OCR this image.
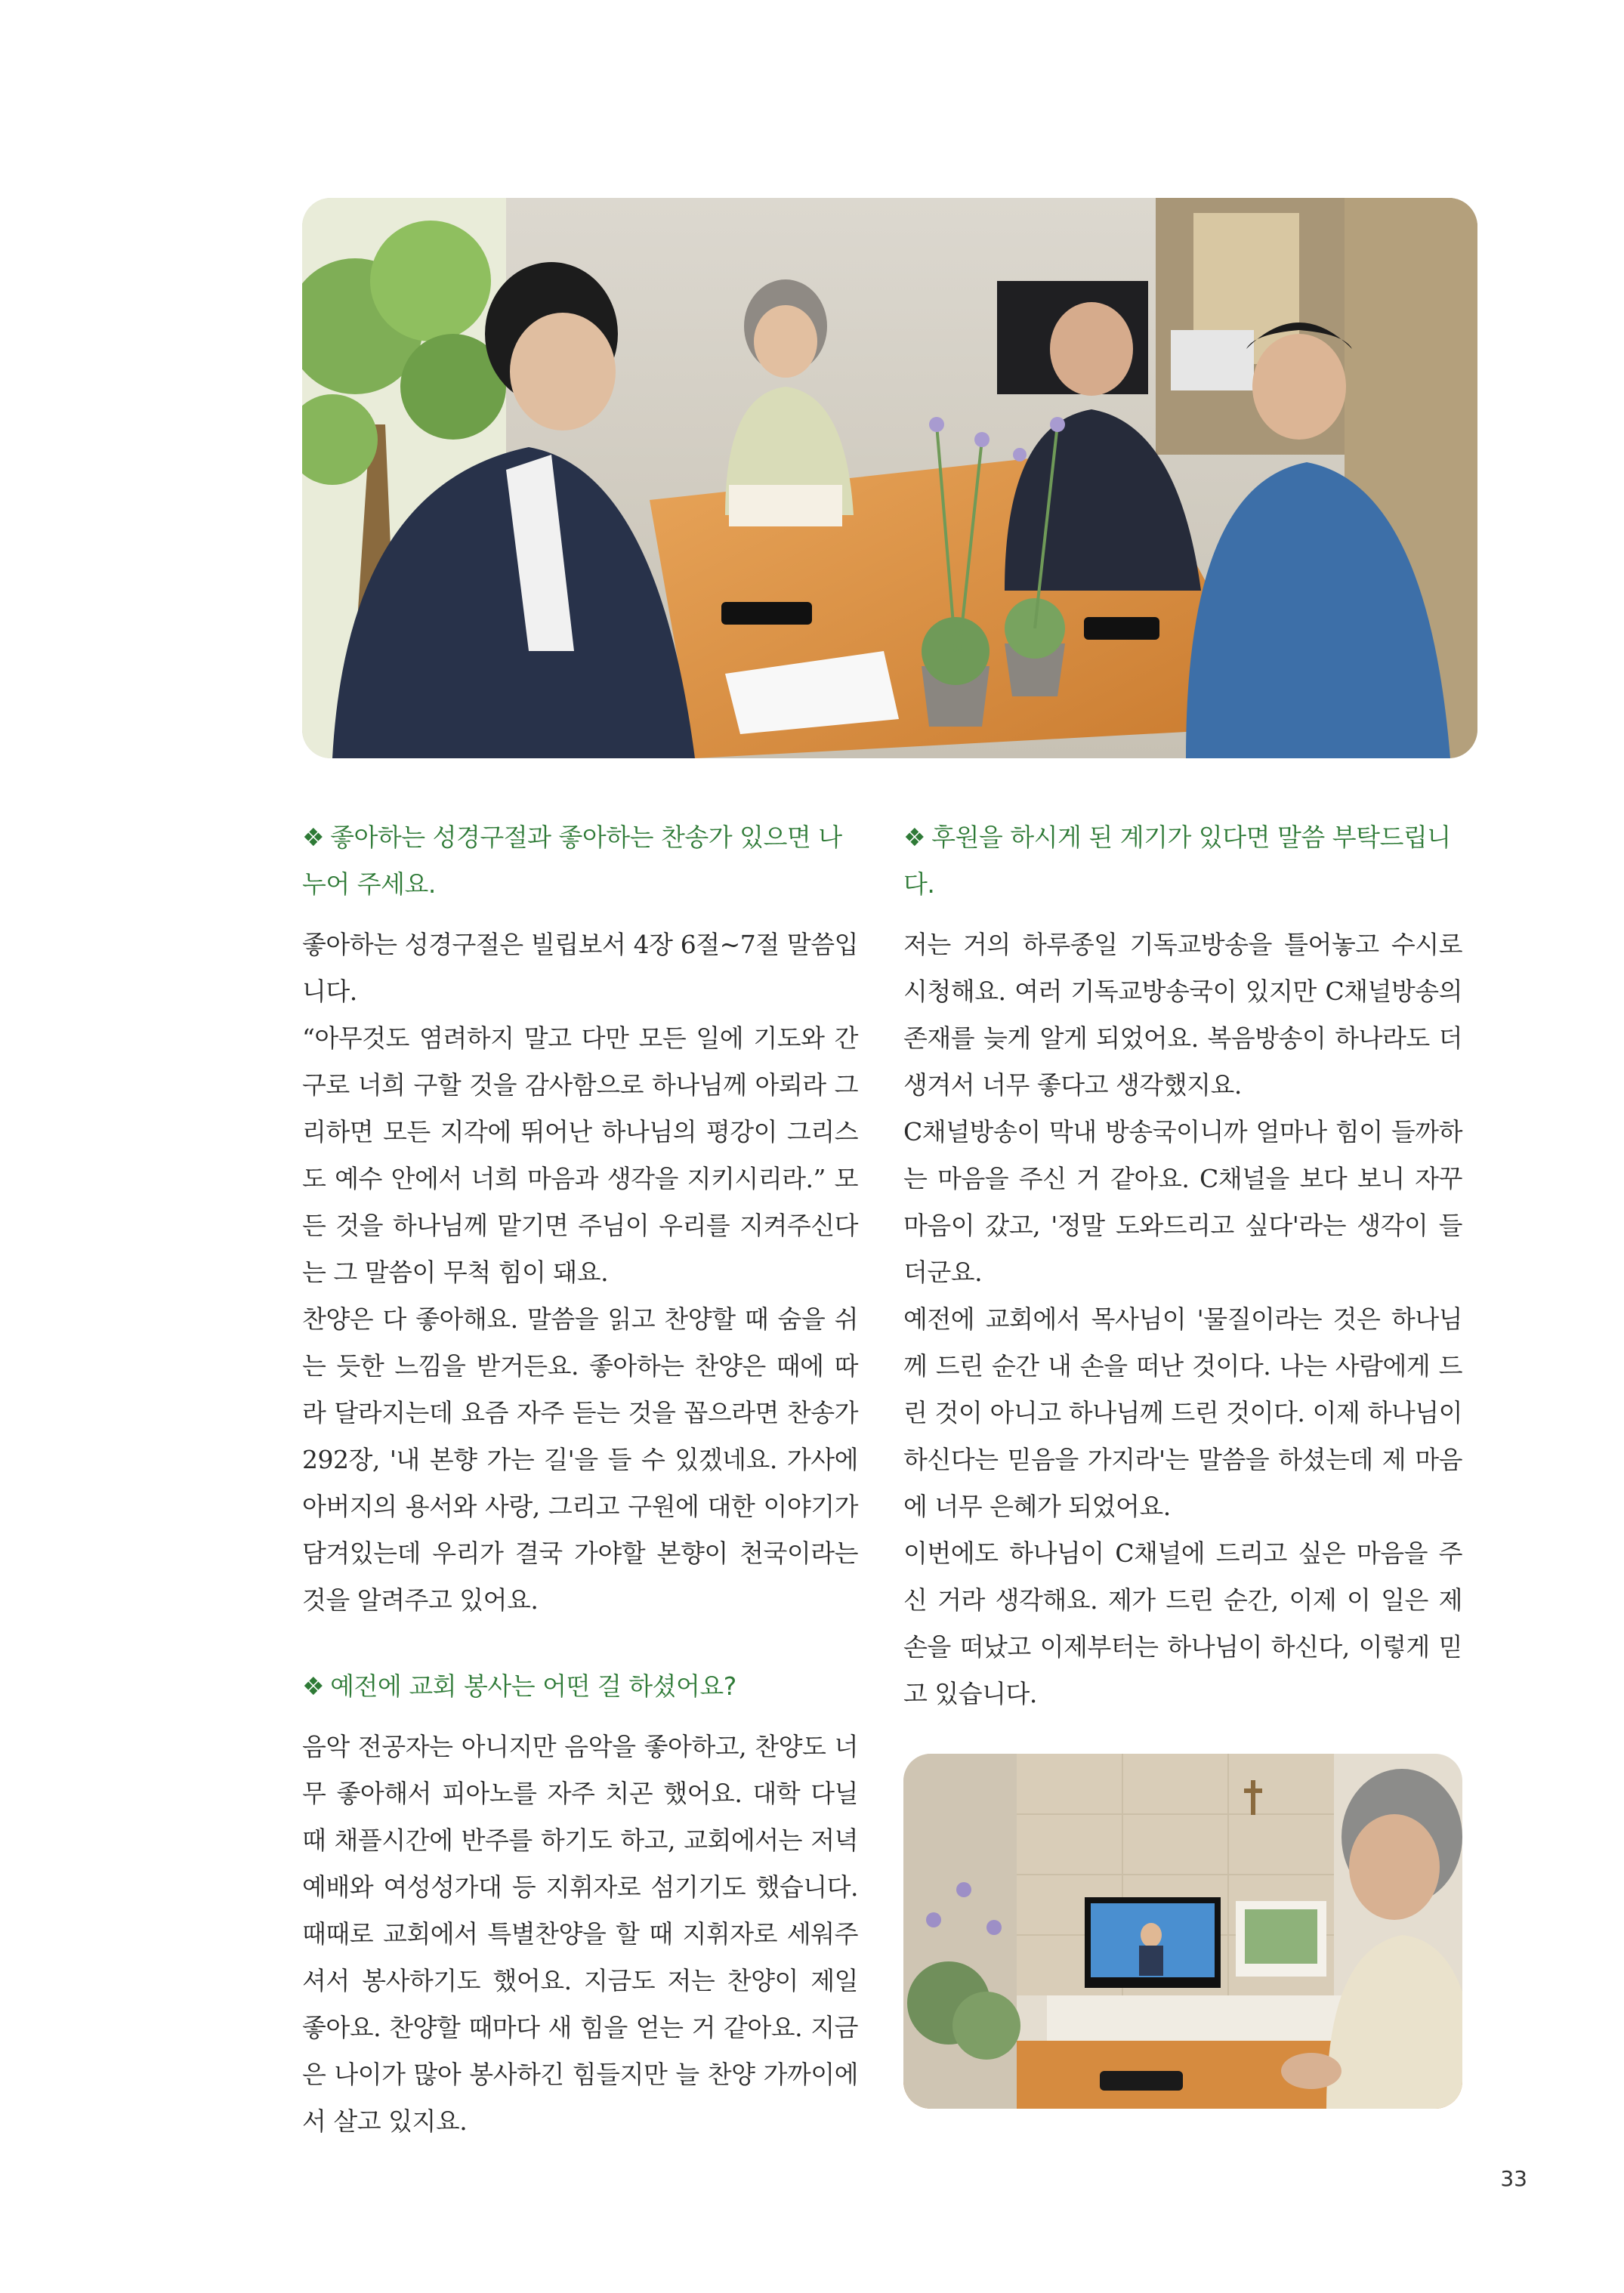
❖ 좋아하는 성경구절과 좋아하는 찬송가 있으면 나누어 주세요.

좋아하는 성경구절은 빌립보서 4장 6절~7절 말씀입니다.

“아무것도 염려하지 말고 다만 모든 일에 기도와 간구로 너희 구할 것을 감사함으로 하나님께 아뢰라 그리하면 모든 지각에 뛰어난 하나님의 평강이 그리스도 예수 안에서 너희 마음과 생각을 지키시리라.” 모든 것을 하나님께 맡기면 주님이 우리를 지켜주신다는 그 말씀이 무척 힘이 돼요.

찬양은 다 좋아해요. 말씀을 읽고 찬양할 때 숨을 쉬는 듯한 느낌을 받거든요. 좋아하는 찬양은 때에 따라 달라지는데 요즘 자주 듣는 것을 꼽으라면 찬송가 292장, '내 본향 가는 길'을 들 수 있겠네요. 가사에 아버지의 용서와 사랑, 그리고 구원에 대한 이야기가 담겨있는데 우리가 결국 가야할 본향이 천국이라는 것을 알려주고 있어요.

❖ 예전에 교회 봉사는 어떤 걸 하셨어요?

음악 전공자는 아니지만 음악을 좋아하고, 찬양도 너무 좋아해서 피아노를 자주 치곤 했어요. 대학 다닐 때 채플시간에 반주를 하기도 하고, 교회에서는 저녁예배와 여성성가대 등 지휘자로 섬기기도 했습니다. 때때로 교회에서 특별찬양을 할 때 지휘자로 세워주셔서 봉사하기도 했어요. 지금도 저는 찬양이 제일 좋아요. 찬양할 때마다 새 힘을 얻는 거 같아요. 지금은 나이가 많아 봉사하긴 힘들지만 늘 찬양 가까이에서 살고 있지요.

❖ 후원을 하시게 된 계기가 있다면 말씀 부탁드립니다.

저는 거의 하루종일 기독교방송을 틀어놓고 수시로 시청해요. 여러 기독교방송국이 있지만 C채널방송의 존재를 늦게 알게 되었어요. 복음방송이 하나라도 더 생겨서 너무 좋다고 생각했지요.

C채널방송이 막내 방송국이니까 얼마나 힘이 들까하는 마음을 주신 거 같아요. C채널을 보다 보니 자꾸 마음이 갔고, '정말 도와드리고 싶다'라는 생각이 들더군요.

예전에 교회에서 목사님이 '물질이라는 것은 하나님께 드린 순간 내 손을 떠난 것이다. 나는 사람에게 드린 것이 아니고 하나님께 드린 것이다. 이제 하나님이 하신다는 믿음을 가지라'는 말씀을 하셨는데 제 마음에 너무 은혜가 되었어요.

이번에도 하나님이 C채널에 드리고 싶은 마음을 주신 거라 생각해요. 제가 드린 순간, 이제 이 일은 제 손을 떠났고 이제부터는 하나님이 하신다, 이렇게 믿고 있습니다.

33
